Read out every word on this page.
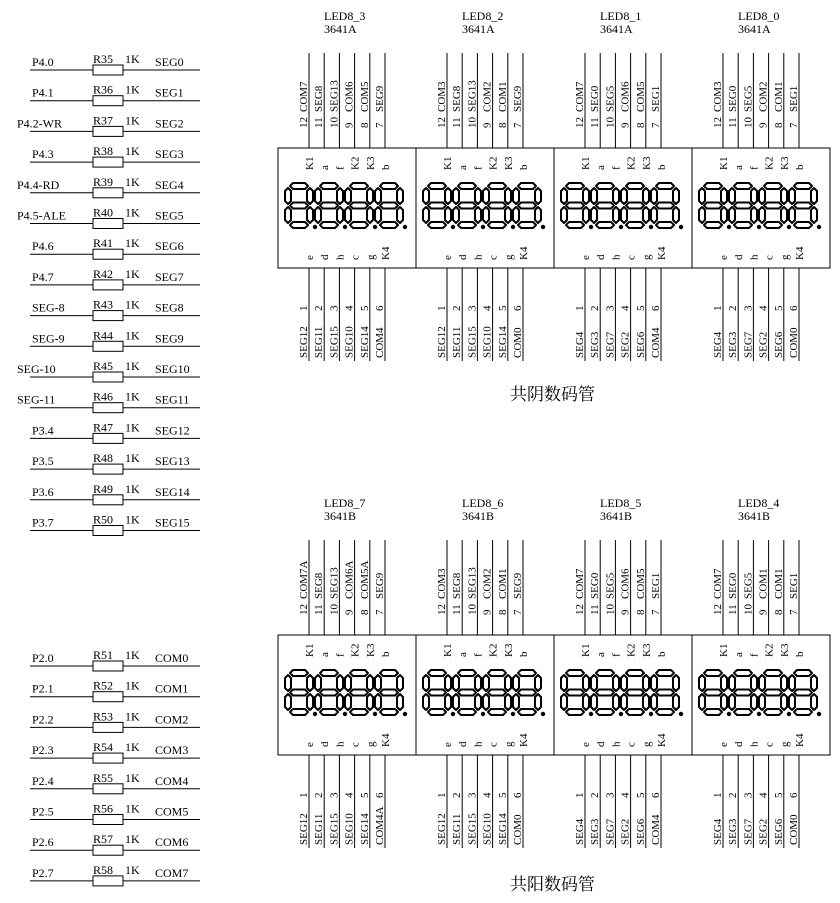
P4.0	R35 1K SEG0
P4.1	R36 1K SEG1
P4.2-WR	R37 1K SEG2
P4.3	R38 1K SEG3
P4.4-RD	R39 1K SEG4
P4.5-ALE R40 1K SEG5
P4.6	R41 1K SEG6
P4.7	R42 1K SEG7
SEG-8 R43 1K SEG8
SEG-9 R44 1K SEG9
SEG-10	R45 1K SEG10
SEG-11	R46 1K SEG11
P3.4	R47 1K SEG12
P3.5	R48 1K SEG13
P3.6	R49 1K SEG14
P3.7	R50 1K SEG15
P2.0	R51 1K COM0
P2.1	R52 1K COM1
P2.2	R53 1K COM2
P2.3	R54 1K COM3
P2.4	R55 1K COM4
P2.5	R56 1K COM5
P2.6	R57 1K COM6
P2.7	R58 1K COM7
LED8_3
3641A
12
COM7
K1
11
SEG8
a
10
SEG13
f
9
COM6
K2
8
COM5
K3
7
SEG9
b
1
SEG12
e
2
SEG11
d
3
SEG15
h
4
SEG10
c
5
SEG14
g
6
COM4
K4
LED8_2
3641A
12
COM3
K1
11
SEG8
a
10
SEG13
f
9
COM2
K2
8
COM1
K3
7
SEG9
b
1
SEG12
e
2
SEG11
d
3
SEG15
h
4
SEG10
c
5
SEG14
g
6
COM0
K4
LED8_1
3641A
12
COM7
K1
11
SEG0
a
10
SEG5
f
9
COM6
K2
8
COM5
K3
7
SEG1
b
1
SEG4
e
2
SEG3
d
3
SEG7
h
4
SEG2
c
5
SEG6
g
6
COM4
K4
LED8_0
3641A
12
COM3
K1
11
SEG0
a
10
SEG5
f
9
COM2
K2
8
COM1
K3
7
SEG1
b
1
SEG4
e
2
SEG3
d
3
SEG7
h
4
SEG2
c
5
SEG6
g
6
COM0
K4
共阴数码管
LED8_7
3641B
12
COM7A
K1
11
SEG8
a
10
SEG13
f
9
COM6A
K2
8
COM5A
K3
7
SEG9
b
1
SEG12
e
2
SEG11
d
3
SEG15
h
4
SEG10
c
5
SEG14
g
6
COM4A
K4
LED8_6
3641B
12
COM3
K1
11
SEG8
a
10
SEG13
f
9
COM2
K2
8
COM1
K3
7
SEG9
b
1
SEG12
e
2
SEG11
d
3
SEG15
h
4
SEG10
c
5
SEG14
g
6
COM0
K4
LED8_5
3641B
12
COM7
K1
11
SEG0
a
10
SEG5
f
9
COM6
K2
8
COM5
K3
7
SEG1
b
1
SEG4
e
2
SEG3
d
3
SEG7
h
4
SEG2
c
5
SEG6
g
6
COM4
K4
LED8_4
3641B
12
COM7
K1
11
SEG0
a
10
SEG5
f
9
COM1
K2
8
COM1
K3
7
SEG1
b
1
SEG4
e
2
SEG3
d
3
SEG7
h
4
SEG2
c
5
SEG6
g
6
COM0
K4
共阳数码管
